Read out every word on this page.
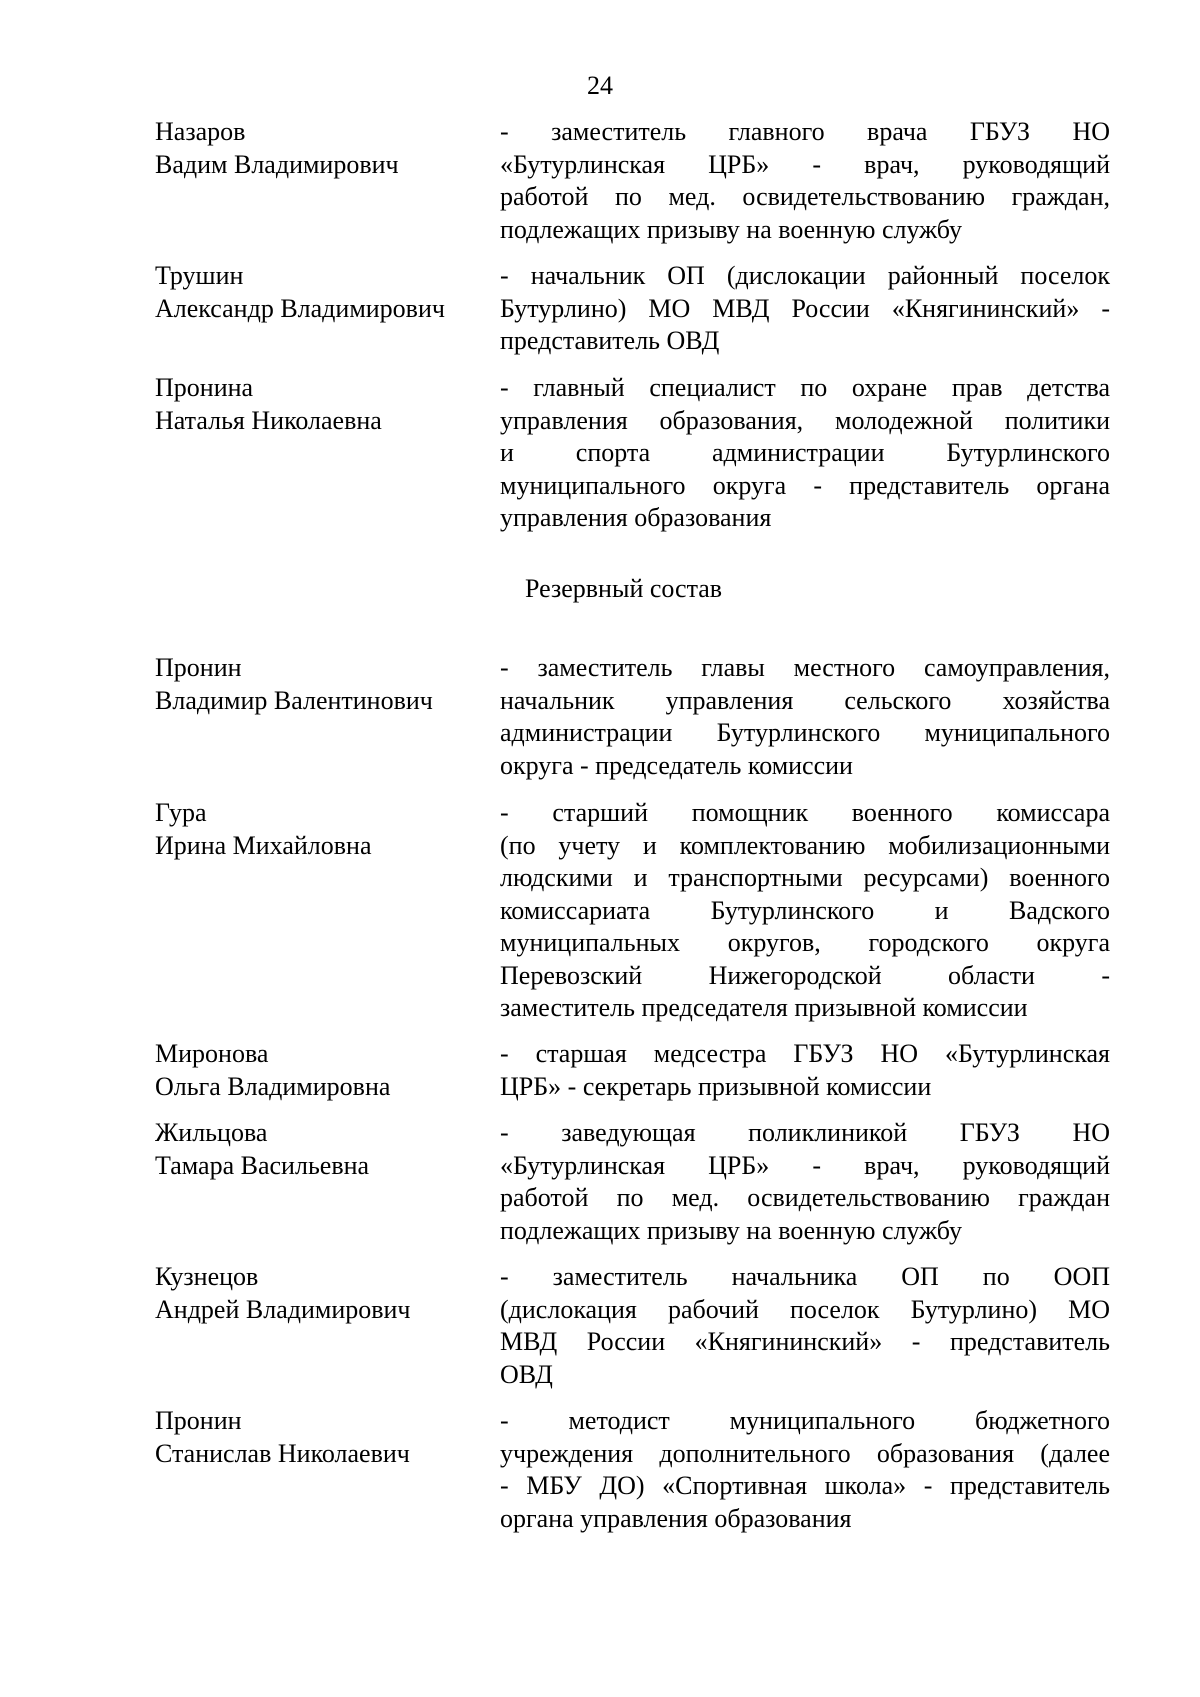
24
Назаров
Вадим Владимирович
- заместитель главного врача ГБУЗ НО
«Бутурлинская ЦРБ» - врач, руководящий
работой по мед. освидетельствованию граждан,
подлежащих призыву на военную службу
Трушин
Александр Владимирович
- начальник ОП (дислокации районный поселок
Бутурлино) МО МВД России «Княгининский» -
представитель ОВД
Пронина
Наталья Николаевна
- главный специалист по охране прав детства
управления образования, молодежной политики
и спорта администрации Бутурлинского
муниципального округа - представитель органа
управления образования
Резервный состав
Пронин
Владимир Валентинович
- заместитель главы местного самоуправления,
начальник управления сельского хозяйства
администрации Бутурлинского муниципального
округа - председатель комиссии
Гура
Ирина Михайловна
- старший помощник военного комиссара
(по учету и комплектованию мобилизационными
людскими и транспортными ресурсами) военного
комиссариата Бутурлинского и Вадского
муниципальных округов, городского округа
Перевозский Нижегородской области -
заместитель председателя призывной комиссии
Миронова
Ольга Владимировна
- старшая медсестра ГБУЗ НО «Бутурлинская
ЦРБ» - секретарь призывной комиссии
Жильцова
Тамара Васильевна
- заведующая поликлиникой ГБУЗ НО
«Бутурлинская ЦРБ» - врач, руководящий
работой по мед. освидетельствованию граждан
подлежащих призыву на военную службу
Кузнецов
Андрей Владимирович
- заместитель начальника ОП по ООП
(дислокация рабочий поселок Бутурлино) МО
МВД России «Княгининский» - представитель
ОВД
Пронин
Станислав Николаевич
- методист муниципального бюджетного
учреждения дополнительного образования (далее
- МБУ ДО) «Спортивная школа» - представитель
органа управления образования
